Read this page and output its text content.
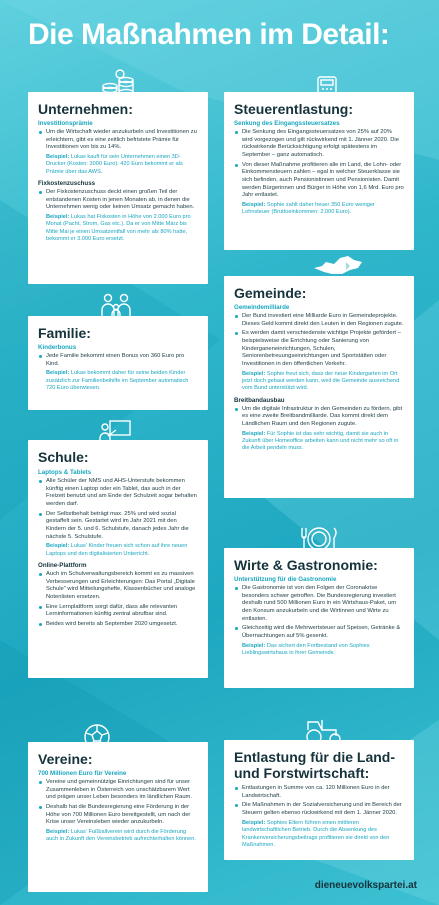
Die Maßnahmen im Detail:
Unternehmen:
Investitionsprämie
Um die Wirtschaft wieder anzukurbeln und Investitionen zu erleichtern, gibt es eine zeitlich befristete Prämie für Investitionen von bis zu 14%.
Beispiel: Lukas kauft für sein Unternehmen einen 3D-Drucker (Kosten: 3000 Euro). 420 Euro bekommt er als Prämie über das AWS.
Fixkostenzuschuss
Der Fixkostenzuschuss deckt einen großen Teil der entstandenen Kosten in jenen Monaten ab, in denen die Unternehmen wenig oder keinen Umsatz gemacht haben.
Beispiel: Lukas hat Fixkosten in Höhe von 2.000 Euro pro Monat (Pacht, Strom, Gas etc.). Da er von Mitte März bis Mitte Mai je einen Umsatzentfall von mehr als 80% hatte, bekommt er 3.000 Euro ersetzt.
Steuerentlastung:
Senkung des Eingangssteuersatzes
Die Senkung des Eingangssteuersatzes von 25% auf 20% wird vorgezogen und gilt rückwirkend mit 1. Jänner 2020. Die rückwirkende Berücksichtigung erfolgt spätestens im September – ganz automatisch.
Von dieser Maßnahme profitieren alle im Land, die Lohn- oder Einkommensteuern zahlen – egal in welcher Steuerklasse sie sich befinden, auch Pensionistinnen und Pensionisten. Damit werden Bürgerinnen und Bürger in Höhe von 1,6 Mrd. Euro pro Jahr entlastet.
Beispiel: Sophie zahlt daher heuer 350 Euro weniger Lohnsteuer (Bruttoeinkommen: 2.000 Euro).
Familie:
Kinderbonus
Jede Familie bekommt einen Bonus von 360 Euro pro Kind.
Beispiel: Lukas bekommt daher für seine beiden Kinder zusätzlich zur Familienbeihilfe im September automatisch 720 Euro überwiesen.
Gemeinde:
Gemeindemilliarde
Der Bund investiert eine Milliarde Euro in Gemeindeprojekte. Dieses Geld kommt direkt den Leuten in den Regionen zugute.
Es werden damit verschiedenste wichtige Projekte gefördert – beispielsweise die Errichtung oder Sanierung von Kinderganeneinrichtungen, Schulen, Seniorenbetreuungseinrichtungen und Sportstätten oder Investitionen in den öffentlichen Verkehr.
Beispiel: Sophie freut sich, dass der neue Kindergarten im Ort jetzt doch gebaut werden kann, weil die Gemeinde ausreichend vom Bund unterstützt wird.
Breitbandausbau
Um die digitale Infrastruktur in den Gemeinden zu fördern, gibt es eine zweite Breitbandmilliarde. Das kommt direkt dem Ländlichen Raum und den Regionen zugute.
Beispiel: Für Sophie ist das sehr wichtig, damit sie auch in Zukunft über Homeoffice arbeiten kann und nicht mehr so oft in die Arbeit pendeln muss.
Schule:
Laptops & Tablets
Alle Schüler der NMS und AHS-Unterstufe bekommen künftig einen Laptop oder ein Tablet, das auch in der Freizeit benutzt und am Ende der Schulzeit sogar behalten werden darf.
Der Selbstbehalt beträgt max. 25% und wird sozial gestaffelt sein. Gestartet wird im Jahr 2021 mit den Kindern der 5. und 6. Schulstufe, danach jedes Jahr die nächste 5. Schulstufe.
Beispiel: Lukas' Kinder freuen sich schon auf ihre neuen Laptops und den digitalisierten Unterricht.
Online-Plattform
Auch im Schulverwaltungsbereich kommt es zu massiven Verbesserungen und Erleichterungen: Das Portal „Digitale Schule" wird Mitteilungshefte, Klassenbücher und analoge Notenlisten ersetzen.
Eine Lernplattform sorgt dafür, dass alle relevanten Lerninformationen künftig zentral abrufbar sind.
Beides wird bereits ab September 2020 umgesetzt.
Wirte & Gastronomie:
Unterstützung für die Gastronomie
Die Gastronomie ist von den Folgen der Coronakrise besonders schwer getroffen. Die Bundesregierung investiert deshalb rund 500 Millionen Euro in ein Wirtshaus-Paket, um den Konsum anzukurbeln und die Wirtinnen und Wirte zu entlasten.
Gleichzeitig wird die Mehrwertsteuer auf Speisen, Getränke & Übernachtungen auf 5% gesenkt.
Beispiel: Das sichert den Fortbestand von Sophies Lieblingswirtshaus in ihrer Gemeinde.
Vereine:
700 Millionen Euro für Vereine
Vereine und gemeinnützige Einrichtungen sind für unser Zusammenleben in Österreich von unschätzbarem Wert und prägen unser Leben besonders im ländlichen Raum.
Deshalb hat die Bundesregierung eine Förderung in der Höhe von 700 Millionen Euro bereitgestellt, um nach der Krise unser Vereinsleben wieder anzukurbeln.
Beispiel: Lukas' Fußballverein wird durch die Förderung auch in Zukunft den Vereinsbetrieb aufrechterhalten können.
Entlastung für die Land- und Forstwirtschaft:
Entlastungen in Summe von ca. 120 Millionen Euro in der Landwirtschaft.
Die Maßnahmen in der Sozialversicherung und im Bereich der Steuern gelten ebenso rückwirkend mit dem 1. Jänner 2020.
Beispiel: Sophies Eltern führen einen mittleren landwirtschaftlichen Betrieb. Durch die Absenkung des Krankenversicherungsbeitrags profitieren sie direkt von den Maßnahmen.
dieneuevolkspartei.at
